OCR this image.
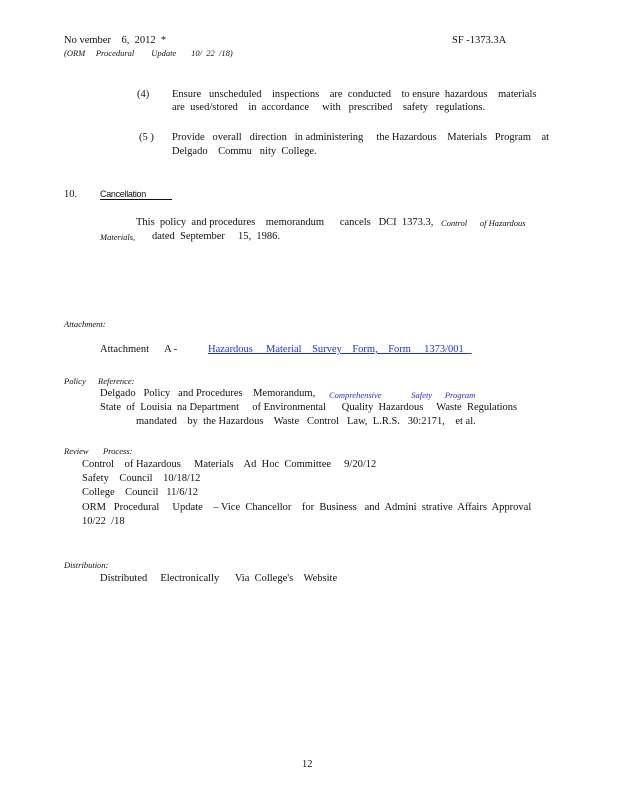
No vember    6,  2012  *	SF -1373.3A
(ORM     Procedural        Update       10/  22  /18)
(4) Ensure   unscheduled    inspections    are  conducted    to ensure  hazardous    materials
are  used/stored    in  accordance     with   prescribed    safety   regulations.
(5 ) Provide   overall   direction   in administering     the Hazardous    Materials   Program    at
Delgado    Commu   nity  College.
10.	Cancellation
This  policy  and procedures    memorandum      cancels   DCI  1373.3, Control      of Hazardous
Materials, dated  September     15,  1986.
Attachment:
Attachment      A -	Hazardous     Material    Survey    Form,    Form     1373/001
Policy Reference:
Delgado   Policy   and Procedures    Memorandum, Comprehensive              Safety      Program
State  of  Louisia  na Department     of Environmental      Quality  Hazardous     Waste  Regulations
mandated    by  the Hazardous    Waste   Control   Law,  L.R.S.   30:2171,    et al.
Review Process:
Control    of Hazardous     Materials    Ad  Hoc  Committee     9/20/12
Safety    Council    10/18/12
College    Council   11/6/12
ORM   Procedural     Update    – Vice  Chancellor    for  Business   and  Admini  strative  Affairs  Approval
10/22  /18
Distribution:
Distributed     Electronically      Via  College's    Website
12
